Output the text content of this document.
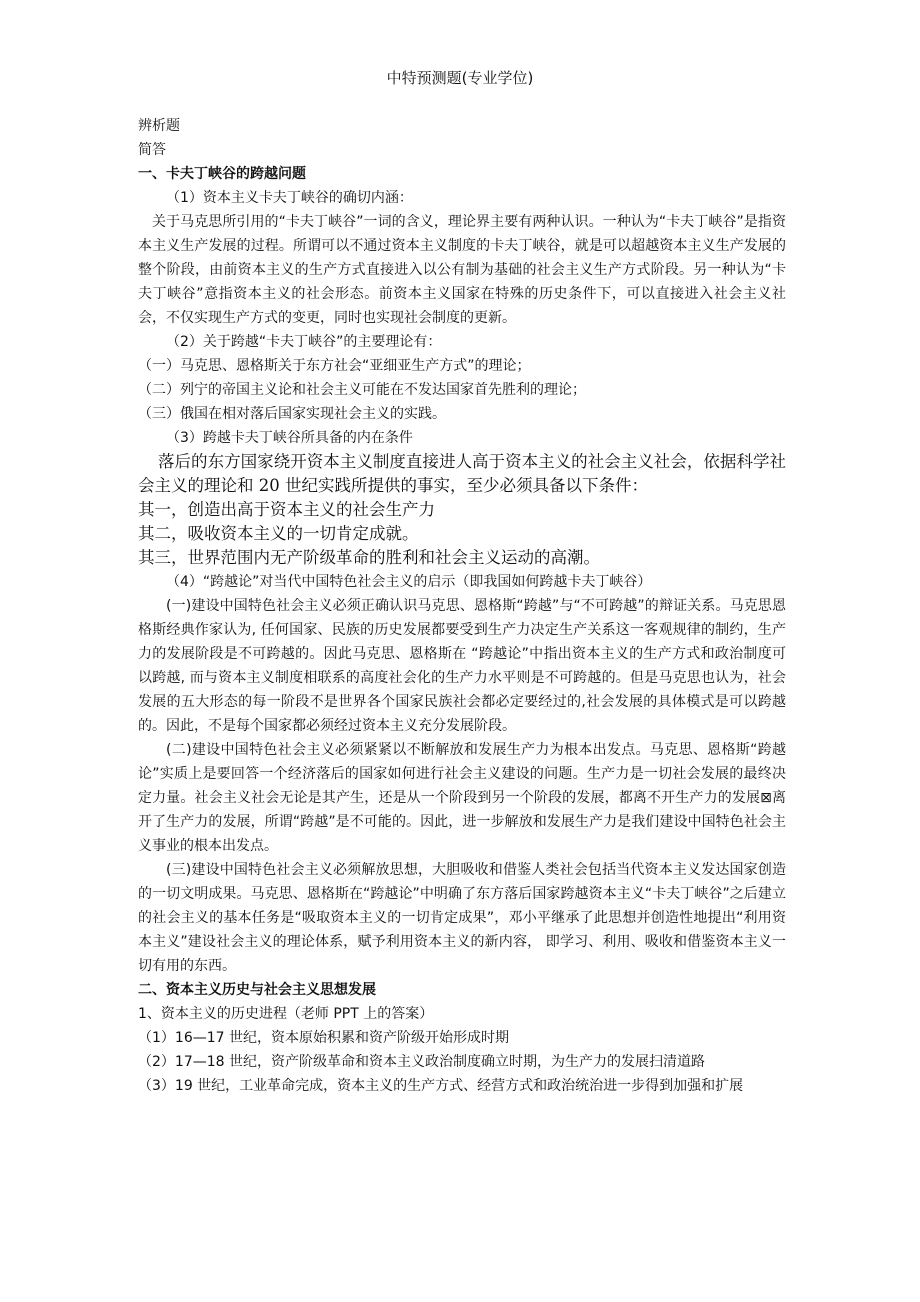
中特预测题(专业学位)

辨析题

简答

一、卡夫丁峡谷的跨越问题

（1）资本主义卡夫丁峡谷的确切内涵：

关于马克思所引用的“卡夫丁峡谷”一词的含义，理论界主要有两种认识。一种认为“卡夫丁峡谷”是指资本主义生产发展的过程。所谓可以不通过资本主义制度的卡夫丁峡谷，就是可以超越资本主义生产发展的整个阶段，由前资本主义的生产方式直接进入以公有制为基础的社会主义生产方式阶段。另一种认为“卡夫丁峡谷”意指资本主义的社会形态。前资本主义国家在特殊的历史条件下，可以直接进入社会主义社会，不仅实现生产方式的变更，同时也实现社会制度的更新。

（2）关于跨越“卡夫丁峡谷”的主要理论有：

（一）马克思、恩格斯关于东方社会“亚细亚生产方式”的理论；

（二）列宁的帝国主义论和社会主义可能在不发达国家首先胜利的理论；

（三）俄国在相对落后国家实现社会主义的实践。

（3）跨越卡夫丁峡谷所具备的内在条件

落后的东方国家绕开资本主义制度直接进人高于资本主义的社会主义社会，依据科学社会主义的理论和 20 世纪实践所提供的事实，至少必须具备以下条件：

其一，创造出高于资本主义的社会生产力

其二，吸收资本主义的一切肯定成就。

其三，世界范围内无产阶级革命的胜利和社会主义运动的高潮。

（4）“跨越论”对当代中国特色社会主义的启示（即我国如何跨越卡夫丁峡谷）

(一)建设中国特色社会主义必须正确认识马克思、恩格斯“跨越”与“不可跨越”的辩证关系。马克思恩格斯经典作家认为, 任何国家、民族的历史发展都要受到生产力决定生产关系这一客观规律的制约，生产力的发展阶段是不可跨越的。因此马克思、恩格斯在 “跨越论”中指出资本主义的生产方式和政治制度可以跨越, 而与资本主义制度相联系的高度社会化的生产力水平则是不可跨越的。但是马克思也认为，社会发展的五大形态的每一阶段不是世界各个国家民族社会都必定要经过的,社会发展的具体模式是可以跨越的。因此，不是每个国家都必须经过资本主义充分发展阶段。

(二)建设中国特色社会主义必须紧紧以不断解放和发展生产力为根本出发点。马克思、恩格斯“跨越论”实质上是要回答一个经济落后的国家如何进行社会主义建设的问题。生产力是一切社会发展的最终决定力量。社会主义社会无论是其产生，还是从一个阶段到另一个阶段的发展，都离不开生产力的发展⊠离开了生产力的发展，所谓“跨越”是不可能的。因此，进一步解放和发展生产力是我们建设中国特色社会主义事业的根本出发点。

(三)建设中国特色社会主义必须解放思想，大胆吸收和借鉴人类社会包括当代资本主义发达国家创造的一切文明成果。马克思、恩格斯在“跨越论”中明确了东方落后国家跨越资本主义“卡夫丁峡谷”之后建立的社会主义的基本任务是“吸取资本主义的一切肯定成果”，邓小平继承了此思想并创造性地提出“利用资本主义”建设社会主义的理论体系，赋予利用资本主义的新内容， 即学习、利用、吸收和借鉴资本主义一切有用的东西。

二、资本主义历史与社会主义思想发展

1、资本主义的历史进程（老师 PPT 上的答案）

（1）16—17 世纪，资本原始积累和资产阶级开始形成时期

（2）17—18 世纪，资产阶级革命和资本主义政治制度确立时期，为生产力的发展扫清道路

（3）19 世纪，工业革命完成，资本主义的生产方式、经营方式和政治统治进一步得到加强和扩展
